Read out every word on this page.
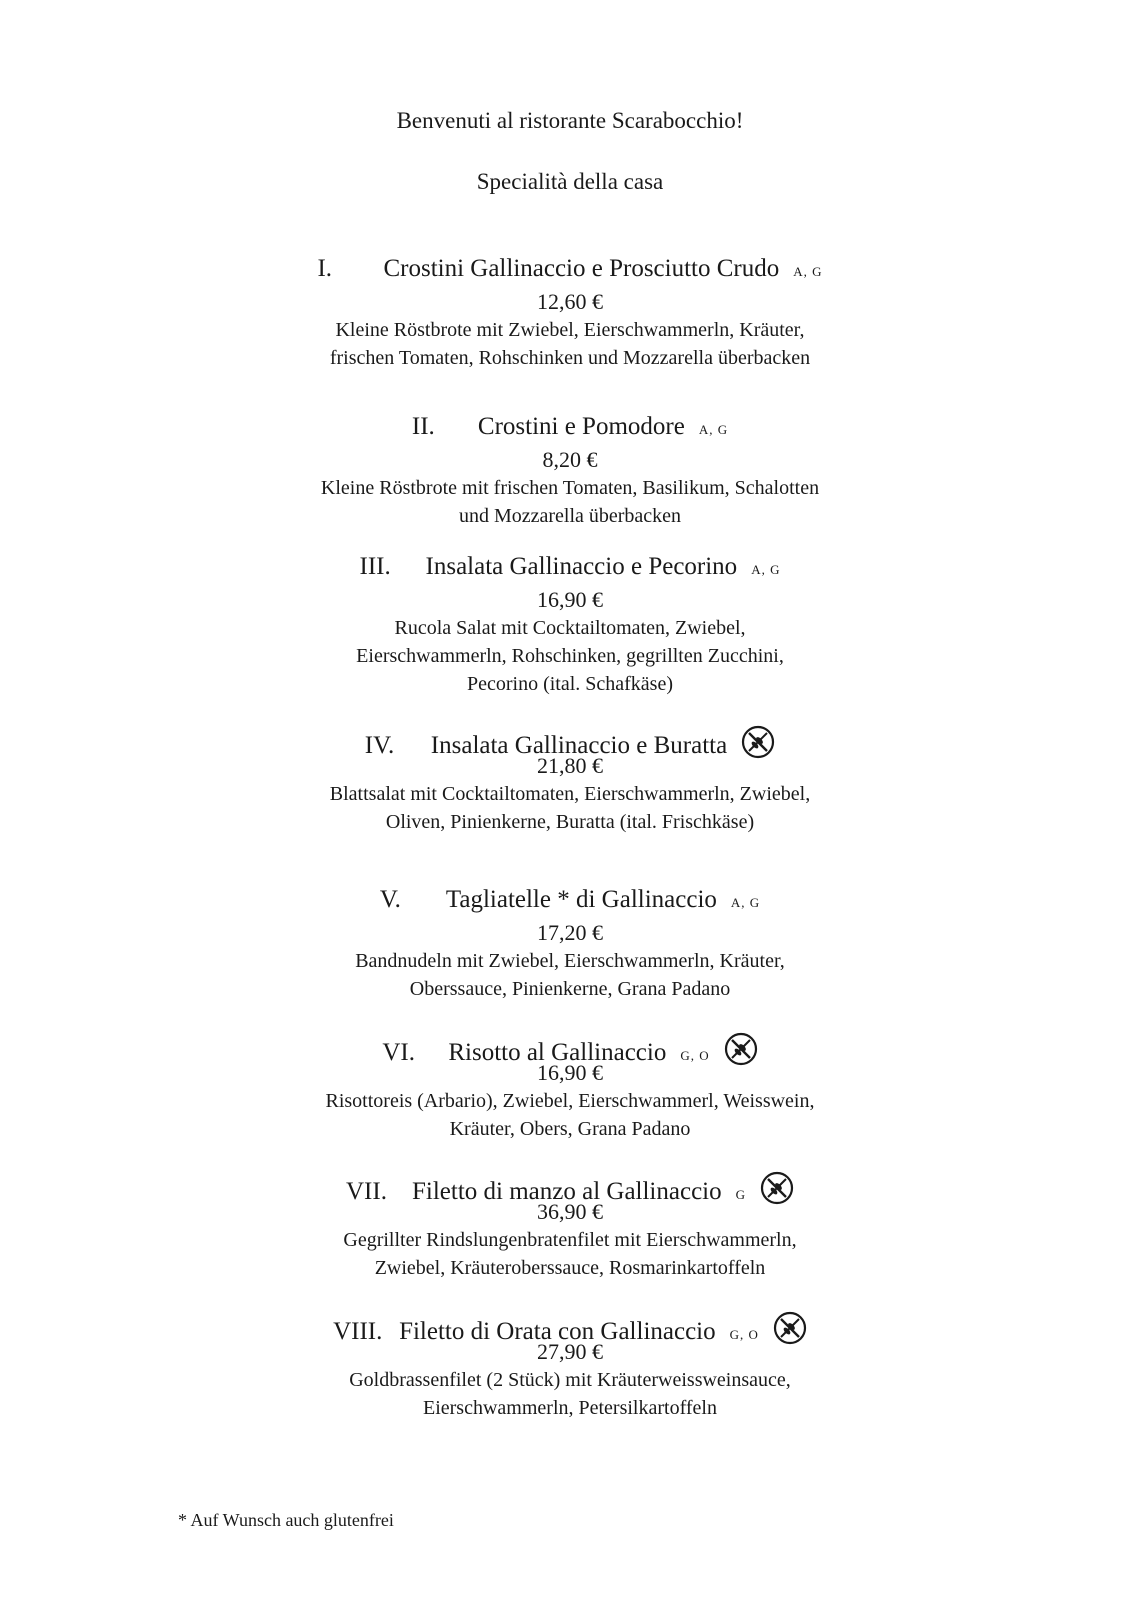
Benvenuti al ristorante Scarabocchio!
Specialità della casa
I.	Crostini Gallinaccio e Prosciutto Crudo A, G
12,60 €
Kleine Röstbrote mit Zwiebel, Eierschwammerln, Kräuter, frischen Tomaten, Rohschinken und Mozzarella überbacken
II.	Crostini e Pomodore A, G
8,20 €
Kleine Röstbrote mit frischen Tomaten, Basilikum, Schalotten und Mozzarella überbacken
III.	Insalata Gallinaccio e Pecorino A, G
16,90 €
Rucola Salat mit Cocktailtomaten, Zwiebel, Eierschwammerln, Rohschinken, gegrillten Zucchini, Pecorino (ital. Schafkäse)
IV.	Insalata Gallinaccio e Buratta
21,80 €
Blattsalat mit Cocktailtomaten, Eierschwammerln, Zwiebel, Oliven, Pinienkerne, Buratta (ital. Frischkäse)
V.	Tagliatelle * di Gallinaccio A, G
17,20 €
Bandnudeln mit Zwiebel, Eierschwammerln, Kräuter, Oberssauce, Pinienkerne, Grana Padano
VI.	Risotto al Gallinaccio G, O
16,90 €
Risottoreis (Arbario), Zwiebel, Eierschwammerl, Weisswein, Kräuter, Obers, Grana Padano
VII.	Filetto di manzo al Gallinaccio G
36,90 €
Gegrillter Rindslungenbratenfilet mit Eierschwammerln, Zwiebel, Kräuteroberssauce, Rosmarinkartoffeln
VIII. Filetto di Orata con Gallinaccio G, O
27,90 €
Goldbrassenfilet (2 Stück) mit Kräuterweissweinsauce, Eierschwammerln, Petersilkartoffeln
* Auf Wunsch auch glutenfrei
